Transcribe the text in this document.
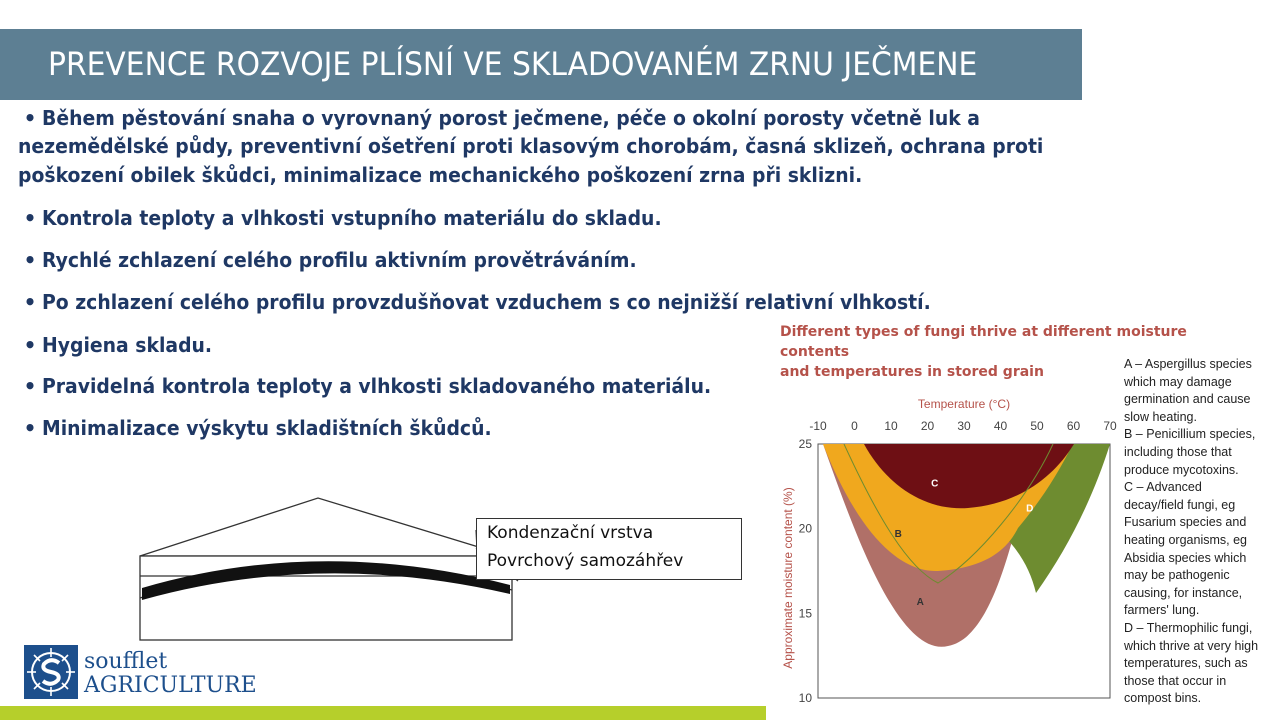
PREVENCE ROZVOJE PLÍSNÍ VE SKLADOVANÉM ZRNU JEČMENE
• Během pěstování snaha o vyrovnaný porost ječmene, péče o okolní porosty včetně luk a
nezemědělské půdy, preventivní ošetření proti klasovým chorobám, časná sklizeň, ochrana proti
poškození obilek škůdci, minimalizace mechanického poškození zrna při sklizni.
• Kontrola teploty a vlhkosti vstupního materiálu do skladu.
• Rychlé zchlazení celého profilu aktivním provětráváním.
• Po zchlazení celého profilu provzdušňovat vzduchem s co nejnižší relativní vlhkostí.
• Hygiena skladu.
• Pravidelná kontrola teploty a vlhkosti skladovaného materiálu.
• Minimalizace výskytu skladištních škůdců.
Kondenzační vrstva
Povrchový samozáhřev
soufflet
AGRICULTURE
Different types of fungi thrive at different moisture contents
and temperatures in stored grain
Temperature (°C)
-10 0 10 20 30 40 50 60 70
25
20
15
10
Approximate moisture content (%)	A
B
C
D
A – Aspergillus species
which may damage
germination and cause
slow heating.
B – Penicillium species,
including those that
produce mycotoxins.
C – Advanced
decay/field fungi, eg
Fusarium species and
heating organisms, eg
Absidia species which
may be pathogenic
causing, for instance,
farmers' lung.
D – Thermophilic fungi,
which thrive at very high
temperatures, such as
those that occur in
compost bins.
